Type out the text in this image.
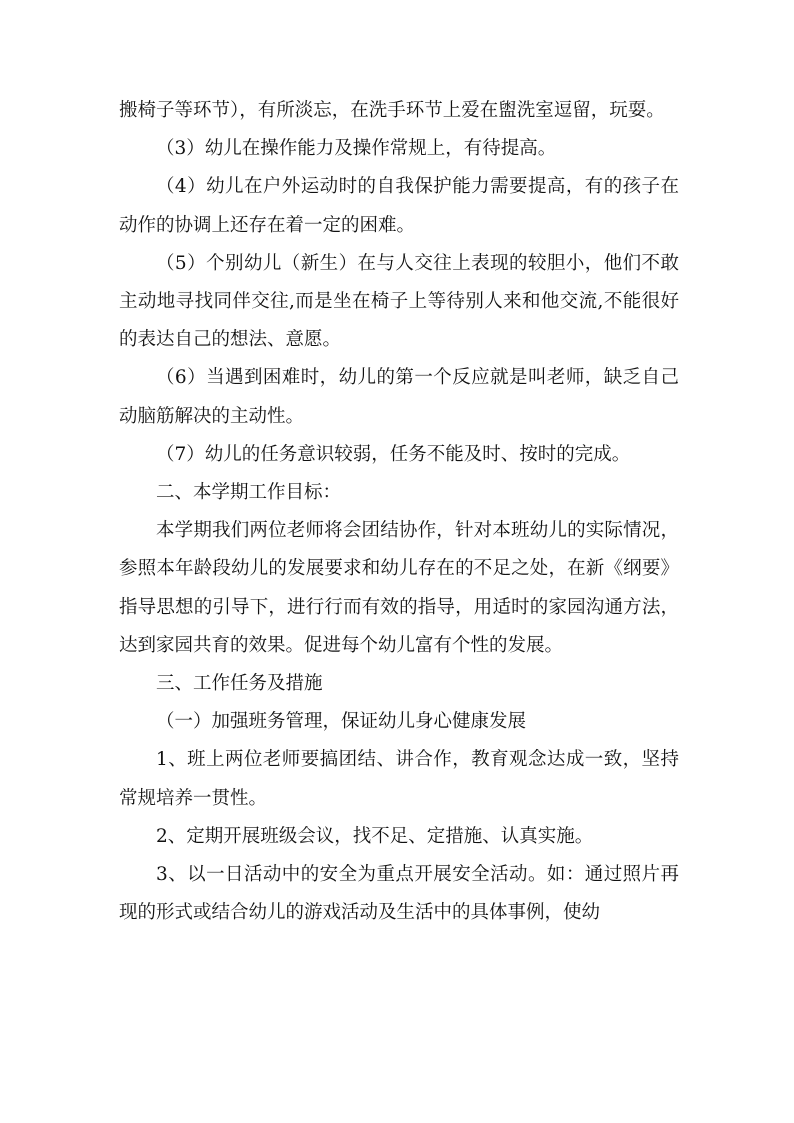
搬椅子等环节），有所淡忘，在洗手环节上爱在盥洗室逗留，玩耍。

（3）幼儿在操作能力及操作常规上，有待提高。

（4）幼儿在户外运动时的自我保护能力需要提高，有的孩子在动作的协调上还存在着一定的困难。

（5）个别幼儿（新生）在与人交往上表现的较胆小，他们不敢主动地寻找同伴交往,而是坐在椅子上等待别人来和他交流,不能很好的表达自己的想法、意愿。

（6）当遇到困难时，幼儿的第一个反应就是叫老师，缺乏自己动脑筋解决的主动性。

（7）幼儿的任务意识较弱，任务不能及时、按时的完成。

二、本学期工作目标：

本学期我们两位老师将会团结协作，针对本班幼儿的实际情况，参照本年龄段幼儿的发展要求和幼儿存在的不足之处，在新《纲要》指导思想的引导下，进行行而有效的指导，用适时的家园沟通方法，达到家园共育的效果。促进每个幼儿富有个性的发展。

三、工作任务及措施

（一）加强班务管理，保证幼儿身心健康发展

1、班上两位老师要搞团结、讲合作，教育观念达成一致，坚持常规培养一贯性。

2、定期开展班级会议，找不足、定措施、认真实施。

3、以一日活动中的安全为重点开展安全活动。如：通过照片再现的形式或结合幼儿的游戏活动及生活中的具体事例，使幼
